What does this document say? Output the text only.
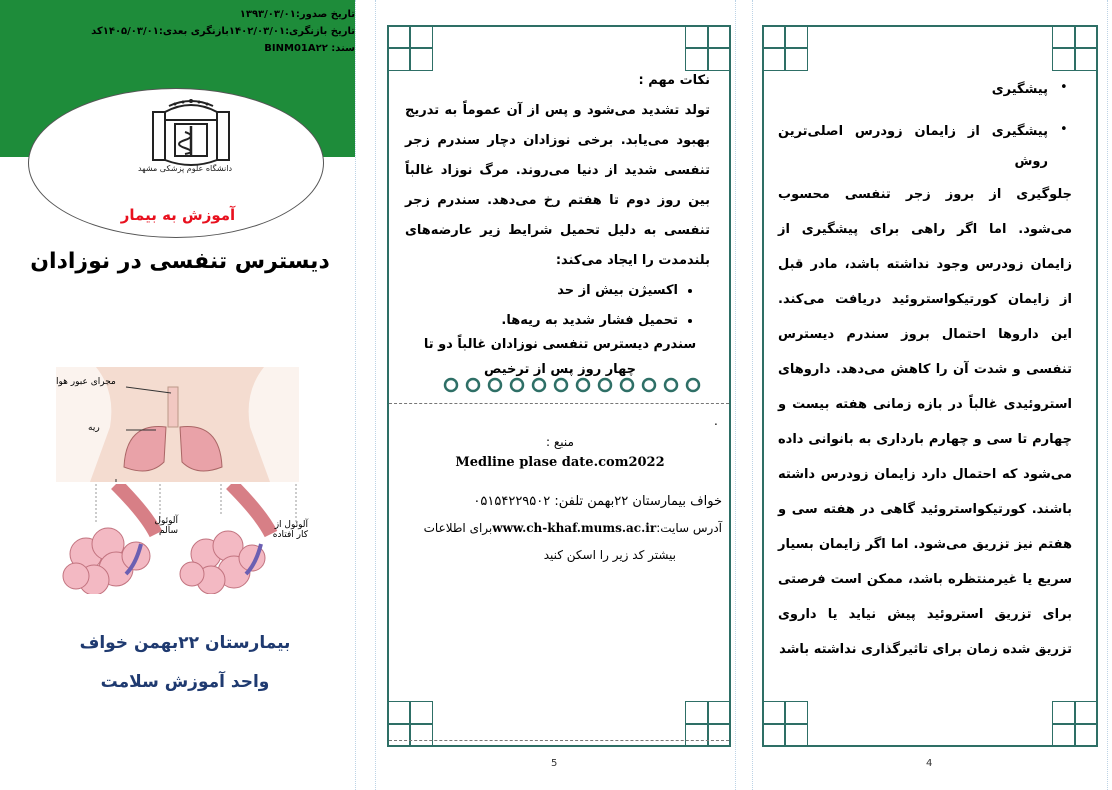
تاریخ صدور:۱۳۹۳/۰۳/۰۱
تاریخ بازنگری:۱۴۰۲/۰۳/۰۱بازنگری بعدی:۱۴۰۵/۰۳/۰۱کد
سند: BINM01A۲۲
دانشگاه علوم پزشکی مشهد
آموزش به بیمار
دیسترس تنفسی در نوزادان
مجرای عبور هوا
ریه
آلوئول سالم
آلوئول از کار افتاده
بیمارستان ۲۲بهمن خواف
واحد آموزش سلامت
نکات مهم :
تولد تشدید می‌شود و پس از آن عموماً به تدریج بهبود می‌یابد. برخی نوزادان دچار سندرم زجر تنفسی شدید از دنیا می‌روند. مرگ نوزاد غالباً بین روز دوم تا هفتم رخ می‌دهد. سندرم زجر تنفسی به دلیل تحمیل شرایط زیر عارضه‌های بلندمدت را ایجاد می‌کند:
• اکسیژن بیش از حد
• تحمیل فشار شدید به ریه‌ها.
سندرم دیسترس تنفسی نوزادان غالباً دو تا چهار روز پس از ترخیص
.
منبع :
Medline plase date.com2022
خواف بیمارستان ۲۲بهمن تلفن: ۰۵۱۵۴۲۲۹۵۰۲
آدرس سایت:www.ch-khaf.mums.ac.irبرای اطلاعات
بیشتر کد زیر را اسکن کنید
5
•
•
پیشگیری
پیشگیری از زایمان زودرس اصلی‌ترین روش
جلوگیری از بروز زجر تنفسی محسوب می‌شود. اما اگر راهی برای پیشگیری از زایمان زودرس وجود نداشته باشد، مادر قبل از زایمان کورتیکواستروئید دریافت می‌کند. این داروها احتمال بروز سندرم دیسترس تنفسی و شدت آن را کاهش می‌دهد. داروهای استروئیدی غالباً در بازه زمانی هفته بیست و چهارم تا سی و چهارم بارداری به بانوانی داده می‌شود که احتمال دارد زایمان زودرس داشته باشند. کورتیکواستروئید گاهی در هفته سی و هفتم نیز تزریق می‌شود. اما اگر زایمان بسیار سریع یا غیرمنتظره باشد، ممکن است فرصتی برای تزریق استروئید پیش نیاید یا داروی تزریق شده زمان برای تاثیرگذاری نداشته باشد
4
